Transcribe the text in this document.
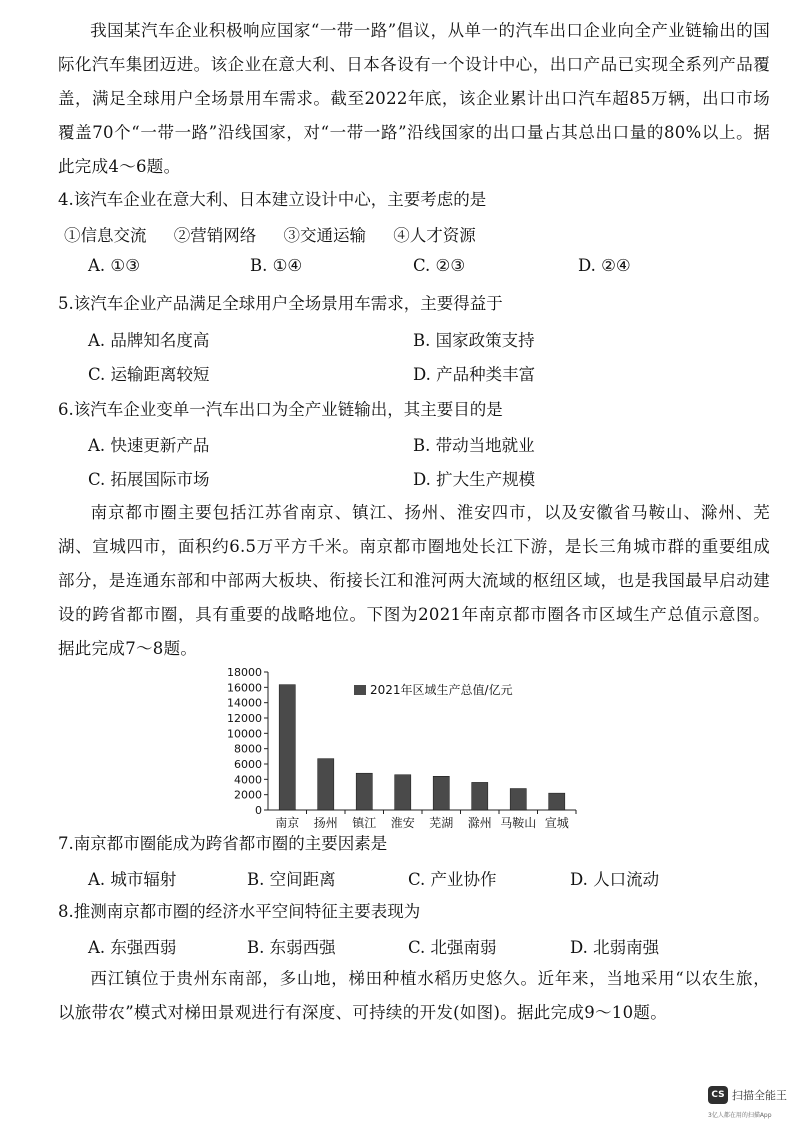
我国某汽车企业积极响应国家“一带一路”倡议，从单一的汽车出口企业向全产业链输出的国际化汽车集团迈进。该企业在意大利、日本各设有一个设计中心，出口产品已实现全系列产品覆盖，满足全球用户全场景用车需求。截至2022年底，该企业累计出口汽车超85万辆，出口市场覆盖70个“一带一路”沿线国家，对“一带一路”沿线国家的出口量占其总出口量的80%以上。据此完成4～6题。

4.该汽车企业在意大利、日本建立设计中心，主要考虑的是

①信息交流 ②营销网络 ③交通运输 ④人才资源
A. ①③	B. ①④	C. ②③	D. ②④

5.该汽车企业产品满足全球用户全场景用车需求，主要得益于

A. 品牌知名度高	B. 国家政策支持
C. 运输距离较短	D. 产品种类丰富

6.该汽车企业变单一汽车出口为全产业链输出，其主要目的是

A. 快速更新产品	B. 带动当地就业
C. 拓展国际市场	D. 扩大生产规模

南京都市圈主要包括江苏省南京、镇江、扬州、淮安四市，以及安徽省马鞍山、滁州、芜湖、宣城四市，面积约6.5万平方千米。南京都市圈地处长江下游，是长三角城市群的重要组成部分，是连通东部和中部两大板块、衔接长江和淮河两大流域的枢纽区域，也是我国最早启动建设的跨省都市圈，具有重要的战略地位。下图为2021年南京都市圈各市区域生产总值示意图。据此完成7～8题。

0
2000
4000
6000
8000
10000
12000
14000
16000
18000
南京 扬州 镇江 淮安 芜湖 滁州 马鞍山 宣城
2021年区域生产总值/亿元

7.南京都市圈能成为跨省都市圈的主要因素是

A. 城市辐射	B. 空间距离	C. 产业协作	D. 人口流动

8.推测南京都市圈的经济水平空间特征主要表现为

A. 东强西弱	B. 东弱西强	C. 北强南弱	D. 北弱南强

西江镇位于贵州东南部，多山地，梯田种植水稻历史悠久。近年来，当地采用“以农生旅，以旅带农”模式对梯田景观进行有深度、可持续的开发(如图)。据此完成9～10题。

CS 扫描全能王
3亿人都在用的扫描App
